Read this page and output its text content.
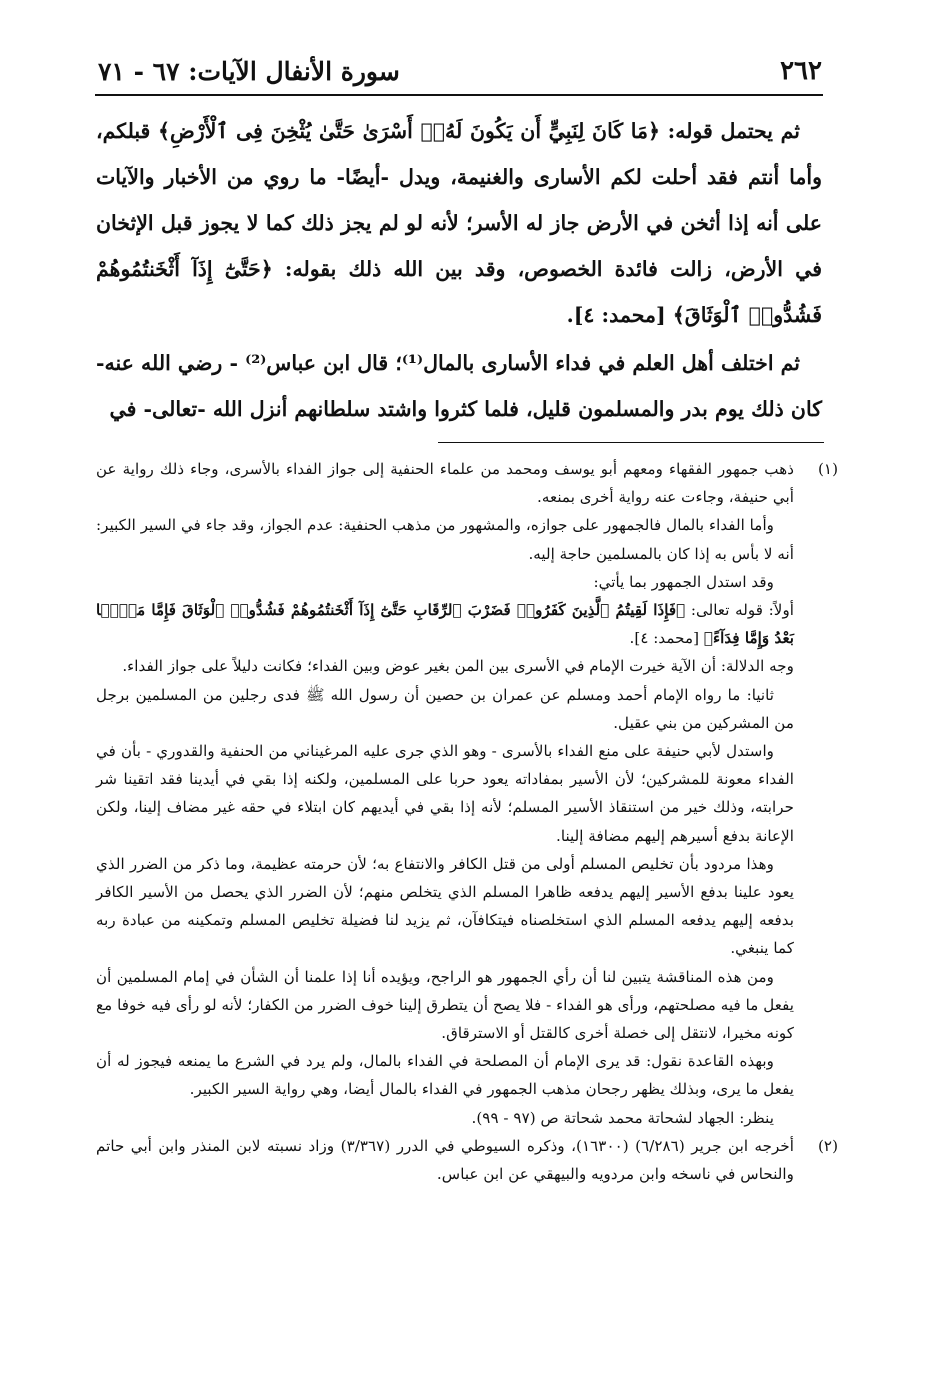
٢٦٢
سورة الأنفال الآيات: ٦٧ - ٧١

ثم يحتمل قوله: ﴿مَا كَانَ لِنَبِيٍّ أَن يَكُونَ لَهُۥٓ أَسْرَىٰ حَتَّىٰ يُثْخِنَ فِى ٱلْأَرْضِ﴾ قبلكم، وأما أنتم فقد أحلت لكم الأسارى والغنيمة، ويدل -أيضًا- ما روي من الأخبار والآيات على أنه إذا أثخن في الأرض جاز له الأسر؛ لأنه لو لم يجز ذلك كما لا يجوز قبل الإثخان في الأرض، زالت فائدة الخصوص، وقد بين الله ذلك بقوله: ﴿حَتَّىٰٓ إِذَآ أَثْخَنتُمُوهُمْ فَشُدُّوا۟ ٱلْوَثَاقَ﴾ [محمد: ٤].

ثم اختلف أهل العلم في فداء الأسارى بالمال⁽¹⁾؛ قال ابن عباس⁽²⁾ - رضي الله عنه- كان ذلك يوم بدر والمسلمون قليل، فلما كثروا واشتد سلطانهم أنزل الله -تعالى- في

(١)

ذهب جمهور الفقهاء ومعهم أبو يوسف ومحمد من علماء الحنفية إلى جواز الفداء بالأسرى، وجاء ذلك رواية عن أبي حنيفة، وجاءت عنه رواية أخرى بمنعه.

وأما الفداء بالمال فالجمهور على جوازه، والمشهور من مذهب الحنفية: عدم الجواز، وقد جاء في السير الكبير: أنه لا بأس به إذا كان بالمسلمين حاجة إليه.

وقد استدل الجمهور بما يأتي:

أولاً: قوله تعالى: ﴿فَإِذَا لَقِيتُمُ ٱلَّذِينَ كَفَرُوا۟ فَضَرْبَ ٱلرِّقَابِ حَتَّىٰٓ إِذَآ أَثْخَنتُمُوهُمْ فَشُدُّوا۟ ٱلْوَثَاقَ فَإِمَّا مَنًّۢا بَعْدُ وَإِمَّا فِدَآءً﴾ [محمد: ٤].

وجه الدلالة: أن الآية خيرت الإمام في الأسرى بين المن بغير عوض وبين الفداء؛ فكانت دليلاً على جواز الفداء.

ثانيا: ما رواه الإمام أحمد ومسلم عن عمران بن حصين أن رسول الله ﷺ فدى رجلين من المسلمين برجل من المشركين من بني عقيل.

واستدل لأبي حنيفة على منع الفداء بالأسرى - وهو الذي جرى عليه المرغيناني من الحنفية والقدوري - بأن في الفداء معونة للمشركين؛ لأن الأسير بمفاداته يعود حربا على المسلمين، ولكنه إذا بقي في أيدينا فقد اتقينا شر حرابته، وذلك خير من استنقاذ الأسير المسلم؛ لأنه إذا بقي في أيديهم كان ابتلاء في حقه غير مضاف إلينا، ولكن الإعانة بدفع أسيرهم إليهم مضافة إلينا.

وهذا مردود بأن تخليص المسلم أولى من قتل الكافر والانتفاع به؛ لأن حرمته عظيمة، وما ذكر من الضرر الذي يعود علينا بدفع الأسير إليهم يدفعه ظاهرا المسلم الذي يتخلص منهم؛ لأن الضرر الذي يحصل من الأسير الكافر بدفعه إليهم يدفعه المسلم الذي استخلصناه فيتكافآن، ثم يزيد لنا فضيلة تخليص المسلم وتمكينه من عبادة ربه كما ينبغي.

ومن هذه المناقشة يتبين لنا أن رأي الجمهور هو الراجح، ويؤيده أنا إذا علمنا أن الشأن في إمام المسلمين أن يفعل ما فيه مصلحتهم، ورأى هو الفداء - فلا يصح أن يتطرق إلينا خوف الضرر من الكفار؛ لأنه لو رأى فيه خوفا مع كونه مخيرا، لانتقل إلى خصلة أخرى كالقتل أو الاسترقاق.

وبهذه القاعدة نقول: قد يرى الإمام أن المصلحة في الفداء بالمال، ولم يرد في الشرع ما يمنعه فيجوز له أن يفعل ما يرى، وبذلك يظهر رجحان مذهب الجمهور في الفداء بالمال أيضا، وهي رواية السير الكبير.

ينظر: الجهاد لشحاتة محمد شحاتة ص (٩٧ - ٩٩).

(٢)

أخرجه ابن جرير (٦/٢٨٦) (١٦٣٠٠)، وذكره السيوطي في الدرر (٣/٣٦٧) وزاد نسبته لابن المنذر وابن أبي حاتم والنحاس في ناسخه وابن مردويه والبيهقي عن ابن عباس.
